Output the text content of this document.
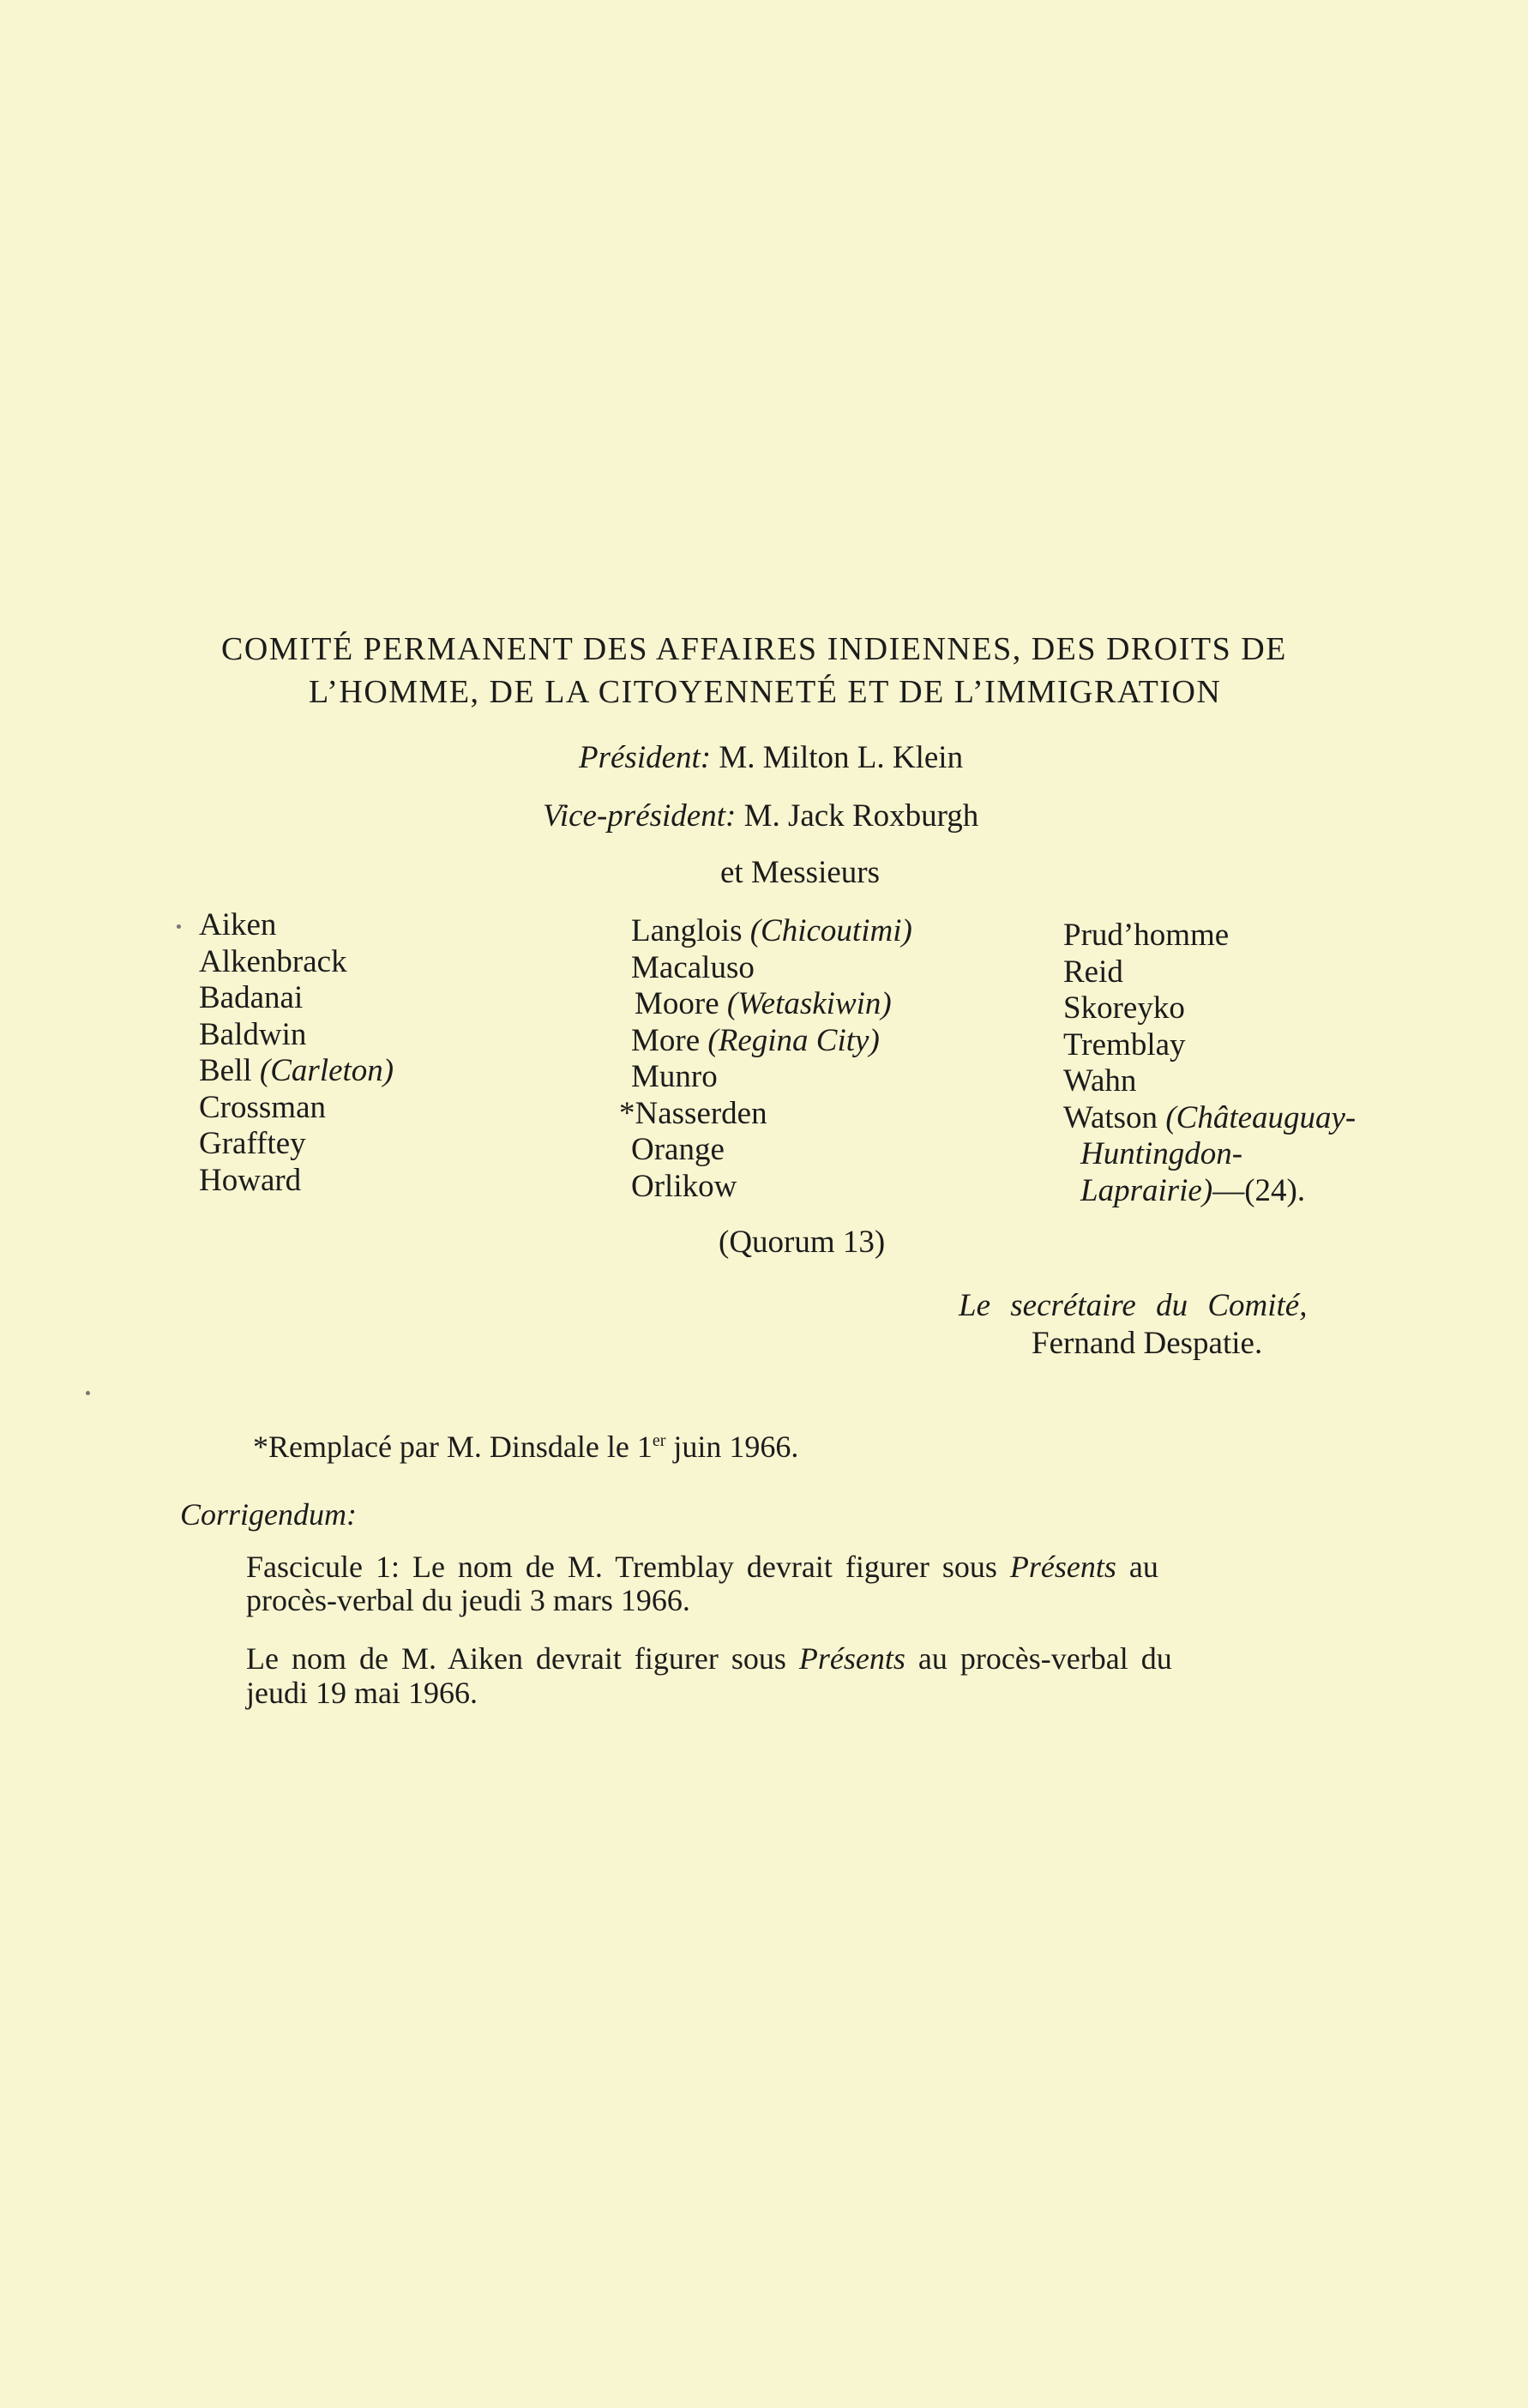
COMITÉ PERMANENT DES AFFAIRES INDIENNES, DES DROITS DE
L’HOMME, DE LA CITOYENNETÉ ET DE L’IMMIGRATION
Président: M. Milton L. Klein
Vice-président: M. Jack Roxburgh
et Messieurs
Aiken
Alkenbrack
Badanai
Baldwin
Bell (Carleton)
Crossman
Grafftey
Howard
Langlois (Chicoutimi)
Macaluso
Moore (Wetaskiwin)
More (Regina City)
Munro
*Nasserden
Orange
Orlikow
Prud’homme
Reid
Skoreyko
Tremblay
Wahn
Watson (Châteauguay-
Huntingdon-
Laprairie)—(24).
(Quorum 13)
Le secrétaire du Comité,
Fernand Despatie.
*Remplacé par M. Dinsdale le 1er juin 1966.
Corrigendum:
Fascicule 1: Le nom de M. Tremblay devrait figurer sous Présents au
procès-verbal du jeudi 3 mars 1966.
Le nom de M. Aiken devrait figurer sous Présents au procès-verbal du
jeudi 19 mai 1966.
